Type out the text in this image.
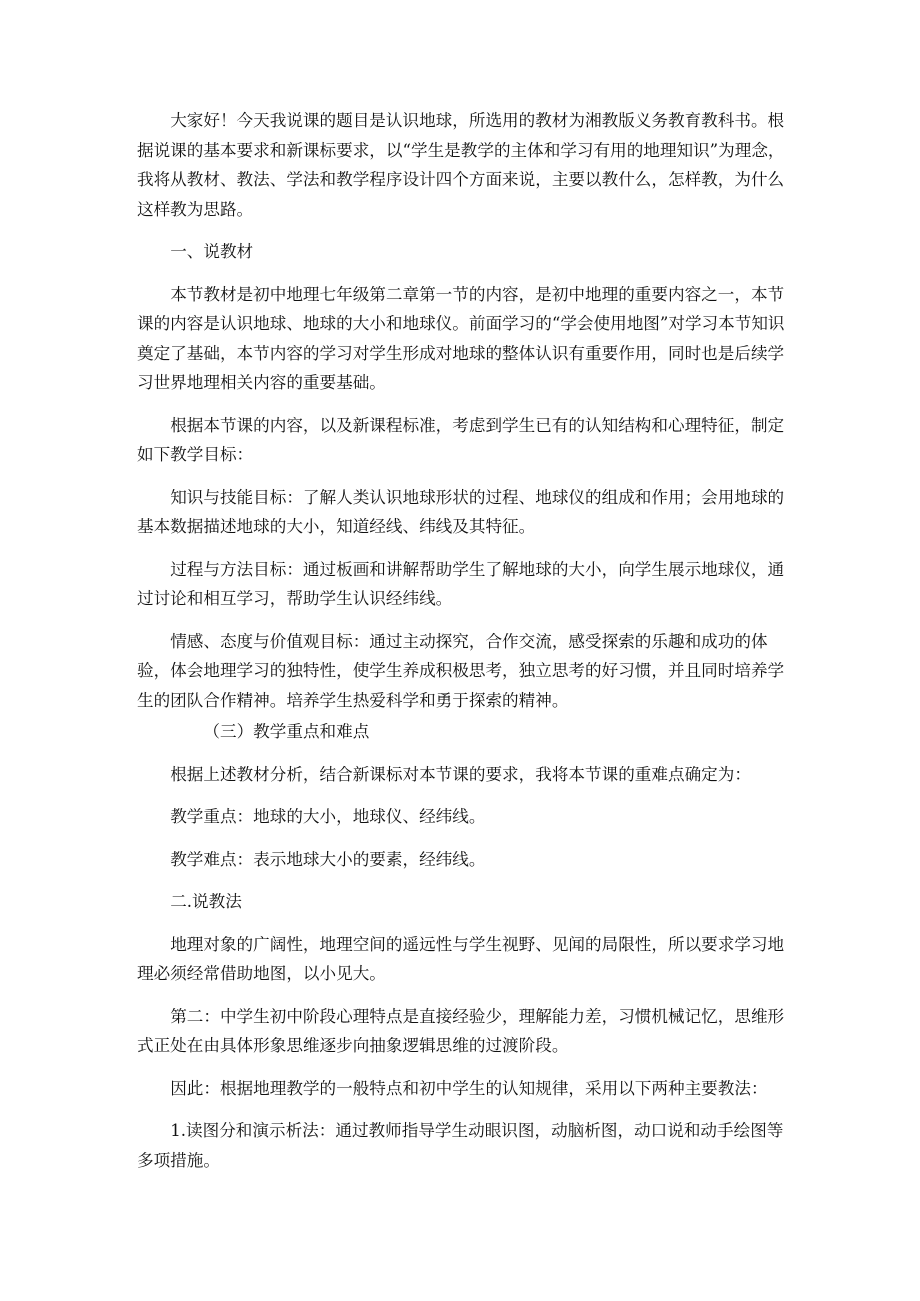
大家好！今天我说课的题目是认识地球，所选用的教材为湘教版义务教育教科书。根据说课的基本要求和新课标要求，以“学生是教学的主体和学习有用的地理知识”为理念，我将从教材、教法、学法和教学程序设计四个方面来说，主要以教什么，怎样教，为什么这样教为思路。

一、说教材

本节教材是初中地理七年级第二章第一节的内容，是初中地理的重要内容之一，本节课的内容是认识地球、地球的大小和地球仪。前面学习的“学会使用地图”对学习本节知识奠定了基础，本节内容的学习对学生形成对地球的整体认识有重要作用，同时也是后续学习世界地理相关内容的重要基础。

根据本节课的内容，以及新课程标准，考虑到学生已有的认知结构和心理特征，制定如下教学目标：

知识与技能目标：了解人类认识地球形状的过程、地球仪的组成和作用；会用地球的基本数据描述地球的大小，知道经线、纬线及其特征。

过程与方法目标：通过板画和讲解帮助学生了解地球的大小，向学生展示地球仪，通过讨论和相互学习，帮助学生认识经纬线。

情感、态度与价值观目标：通过主动探究，合作交流，感受探索的乐趣和成功的体验，体会地理学习的独特性，使学生养成积极思考，独立思考的好习惯，并且同时培养学生的团队合作精神。培养学生热爱科学和勇于探索的精神。

（三）教学重点和难点

根据上述教材分析，结合新课标对本节课的要求，我将本节课的重难点确定为：

教学重点：地球的大小，地球仪、经纬线。

教学难点：表示地球大小的要素，经纬线。

二.说教法

地理对象的广阔性，地理空间的遥远性与学生视野、见闻的局限性，所以要求学习地理必须经常借助地图，以小见大。

第二：中学生初中阶段心理特点是直接经验少，理解能力差，习惯机械记忆，思维形式正处在由具体形象思维逐步向抽象逻辑思维的过渡阶段。

因此：根据地理教学的一般特点和初中学生的认知规律，采用以下两种主要教法：

1.读图分和演示析法：通过教师指导学生动眼识图，动脑析图，动口说和动手绘图等多项措施。
